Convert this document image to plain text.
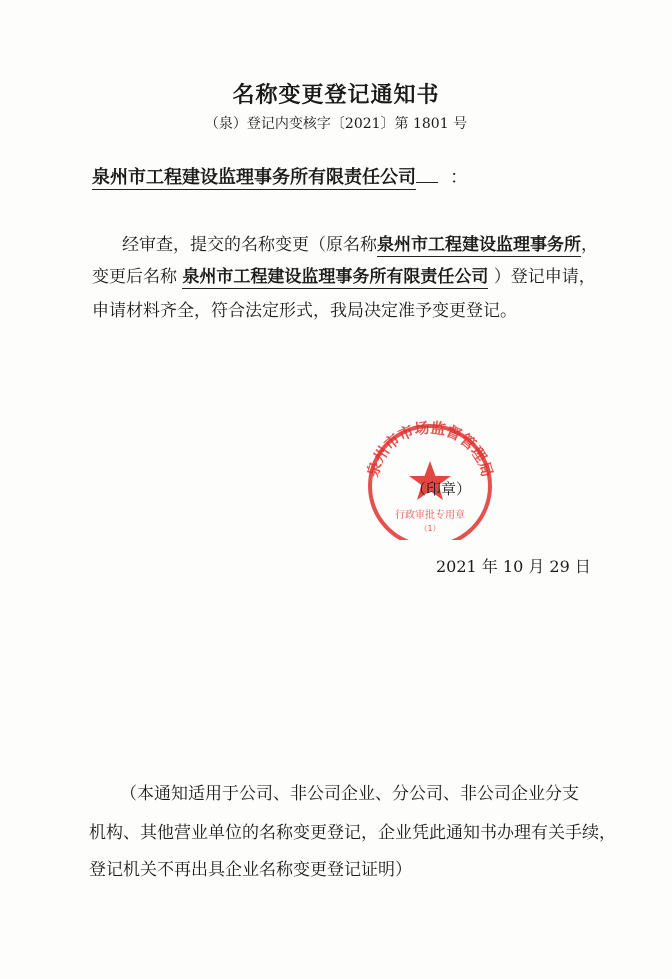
名称变更登记通知书
（泉）登记内变核字〔2021〕第 1801 号
泉州市工程建设监理事务所有限责任公司 ：
经审查，提交的名称变更（原名称泉州市工程建设监理事务所，
变更后名称 泉州市工程建设监理事务所有限责任公司 ）登记申请，
申请材料齐全，符合法定形式，我局决定准予变更登记。
泉州市市场监督管理局
行政审批专用章
（1）
（印章）
2021 年 10 月 29 日
（本通知适用于公司、非公司企业、分公司、非公司企业分支
机构、其他营业单位的名称变更登记，企业凭此通知书办理有关手续，
登记机关不再出具企业名称变更登记证明）
